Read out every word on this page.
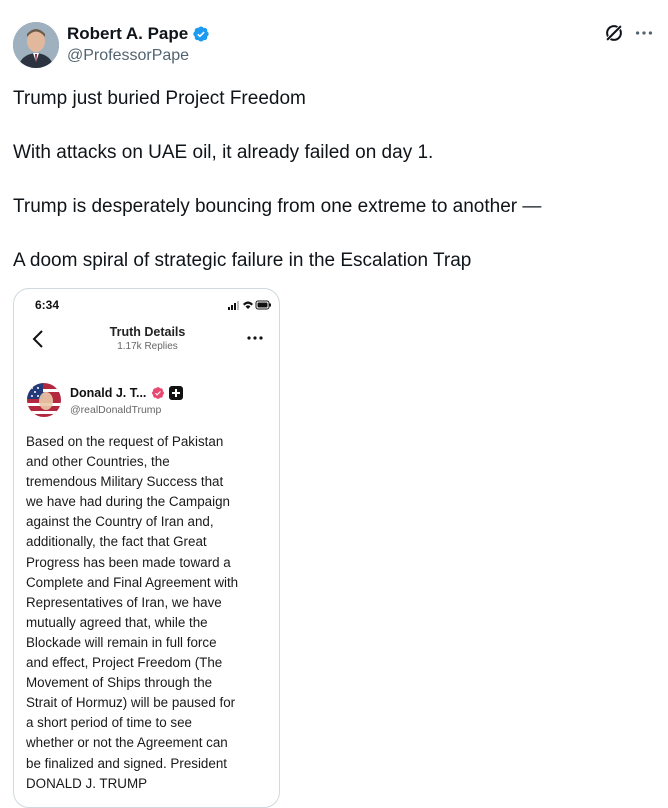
Robert A. Pape
@ProfessorPape

Trump just buried Project Freedom

With attacks on UAE oil, it already failed on day 1.

Trump is desperately bouncing from one extreme to another —

A doom spiral of strategic failure in the Escalation Trap

6:34
Truth Details
1.17k Replies
Donald J. T...
@realDonaldTrump
Based on the request of Pakistan
and other Countries, the
tremendous Military Success that
we have had during the Campaign
against the Country of Iran and,
additionally, the fact that Great
Progress has been made toward a
Complete and Final Agreement with
Representatives of Iran, we have
mutually agreed that, while the
Blockade will remain in full force
and effect, Project Freedom (The
Movement of Ships through the
Strait of Hormuz) will be paused for
a short period of time to see
whether or not the Agreement can
be finalized and signed. President
DONALD J. TRUMP
